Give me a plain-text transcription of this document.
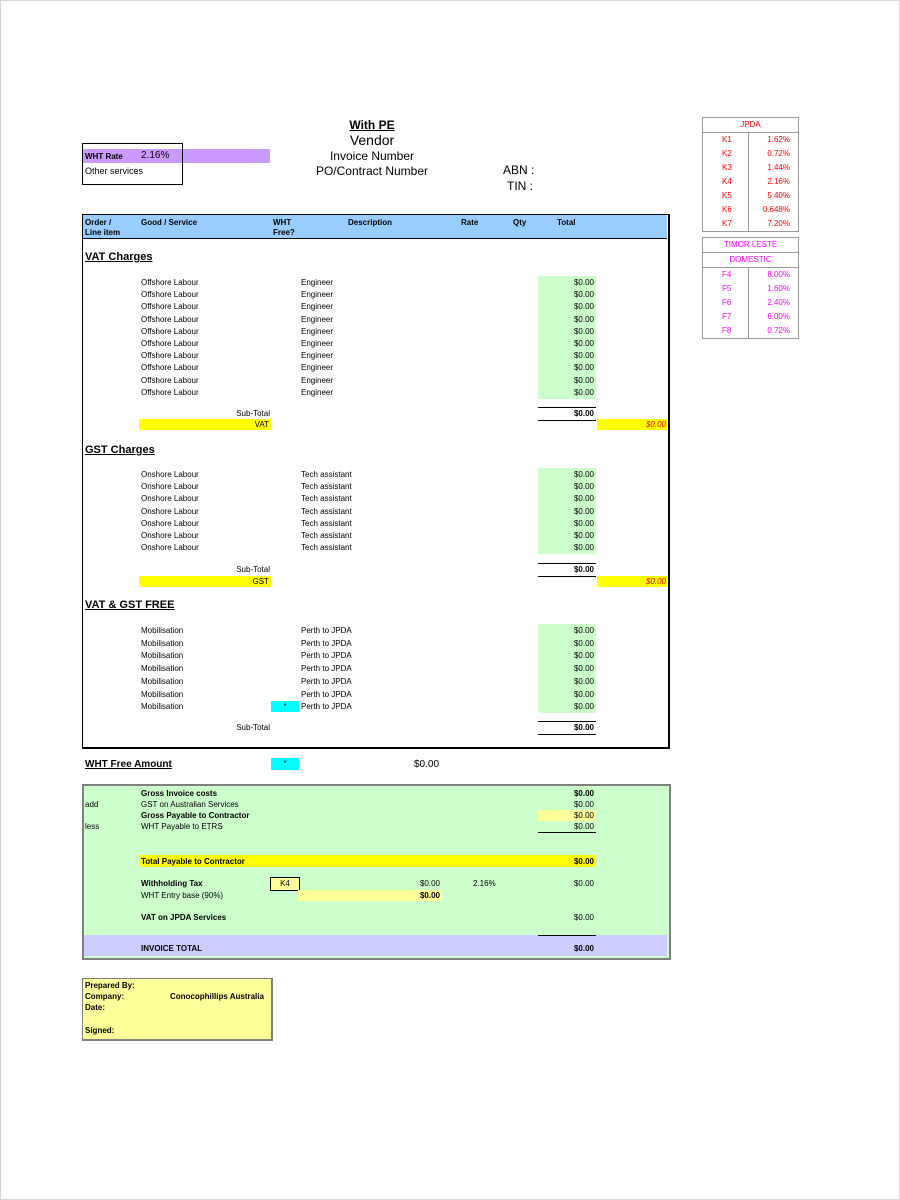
With PE
Vendor
Invoice Number
PO/Contract Number	ABN :
TIN :
WHT Rate 2.16%
Other services
Order /
Line item
Good / Service	WHT
Free?
Description	Rate	Qty	Total
VAT Charges
Offshore Labour	Engineer	$0.00
Offshore Labour	Engineer	$0.00
Offshore Labour	Engineer	$0.00
Offshore Labour	Engineer	$0.00
Offshore Labour	Engineer	$0.00
Offshore Labour	Engineer	$0.00
Offshore Labour	Engineer	$0.00
Offshore Labour	Engineer	$0.00
Offshore Labour	Engineer	$0.00
Offshore Labour	Engineer	$0.00
Sub-Total	$0.00
VAT	$0.00
GST Charges
Onshore Labour	Tech assistant	$0.00
Onshore Labour	Tech assistant	$0.00
Onshore Labour	Tech assistant	$0.00
Onshore Labour	Tech assistant	$0.00
Onshore Labour	Tech assistant	$0.00
Onshore Labour	Tech assistant	$0.00
Onshore Labour	Tech assistant	$0.00
Sub-Total	$0.00
GST	$0.00
VAT & GST FREE
Mobilisation	Perth to JPDA	$0.00
Mobilisation	Perth to JPDA	$0.00
Mobilisation	Perth to JPDA	$0.00
Mobilisation	Perth to JPDA	$0.00
Mobilisation	Perth to JPDA	$0.00
Mobilisation	Perth to JPDA	$0.00
Mobilisation	*	Perth to JPDA	$0.00
Sub-Total	$0.00
WHT Free Amount	*	$0.00
Gross Invoice costs	$0.00
add	GST on Australian Services	$0.00
Gross Payable to Contractor	$0.00
less	WHT Payable to ETRS	$0.00
Total Payable to Contractor	$0.00
Withholding Tax	K4	$0.00	2.16%	$0.00
WHT Entry base (90%)	$0.00
VAT on JPDA Services	$0.00
INVOICE TOTAL	$0.00
Prepared By:
Company:	Conocophillips Australia
Date:
Signed:
JPDA
K1	1.62%
K2	0.72%
K3	1.44%
K4	2.16%
K5	5.40%
K6	0.648%
K7	7.20%
TIMOR LESTE
DOMESTIC
F4	8.00%
F5	1.60%
F6	2.40%
F7	6.00%
F8	0.72%
